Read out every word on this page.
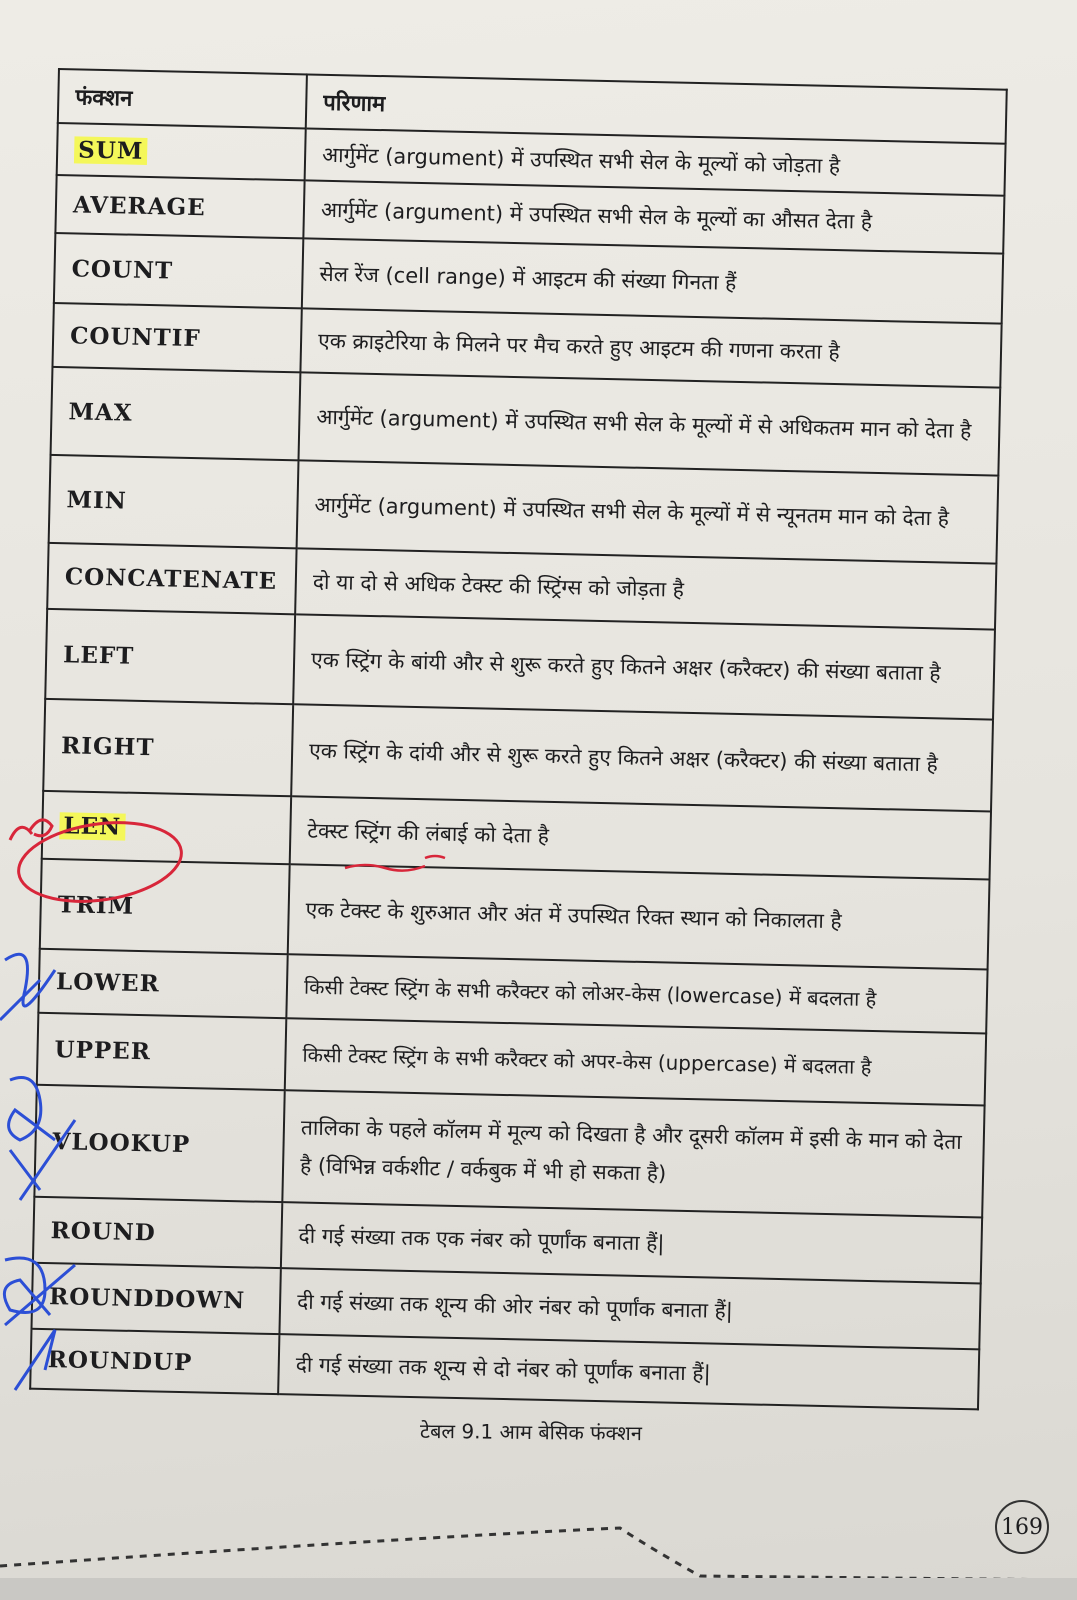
फंक्शन	परिणाम
SUM	आर्गुमेंट (argument) में उपस्थित सभी सेल के मूल्यों को जोड़ता है
AVERAGE	आर्गुमेंट (argument) में उपस्थित सभी सेल के मूल्यों का औसत देता है
COUNT	सेल रेंज (cell range) में आइटम की संख्या गिनता हैं
COUNTIF	एक क्राइटेरिया के मिलने पर मैच करते हुए आइटम की गणना करता है
MAX	आर्गुमेंट (argument) में उपस्थित सभी सेल के मूल्यों में से अधिकतम मान को देता है
MIN	आर्गुमेंट (argument) में उपस्थित सभी सेल के मूल्यों में से न्यूनतम मान को देता है
CONCATENATE	दो या दो से अधिक टेक्स्ट की स्ट्रिंग्स को जोड़ता है
LEFT	एक स्ट्रिंग के बांयी और से शुरू करते हुए कितने अक्षर (करैक्टर) की संख्या बताता है
RIGHT	एक स्ट्रिंग के दांयी और से शुरू करते हुए कितने अक्षर (करैक्टर) की संख्या बताता है
LEN	टेक्स्ट स्ट्रिंग की लंबाई को देता है
TRIM	एक टेक्स्ट के शुरुआत और अंत में उपस्थित रिक्त स्थान को निकालता है
LOWER	किसी टेक्स्ट स्ट्रिंग के सभी करैक्टर को लोअर-केस (lowercase) में बदलता है
UPPER	किसी टेक्स्ट स्ट्रिंग के सभी करैक्टर को अपर-केस (uppercase) में बदलता है
VLOOKUP	तालिका के पहले कॉलम में मूल्य को दिखता है और दूसरी कॉलम में इसी के मान को देता है (विभिन्न वर्कशीट / वर्कबुक में भी हो सकता है)
ROUND	दी गई संख्या तक एक नंबर को पूर्णांक बनाता हैं|
ROUNDDOWN	दी गई संख्या तक शून्य की ओर नंबर को पूर्णांक बनाता हैं|
ROUNDUP	दी गई संख्या तक शून्य से दो नंबर को पूर्णांक बनाता हैं|
टेबल 9.1 आम बेसिक फंक्शन
169
